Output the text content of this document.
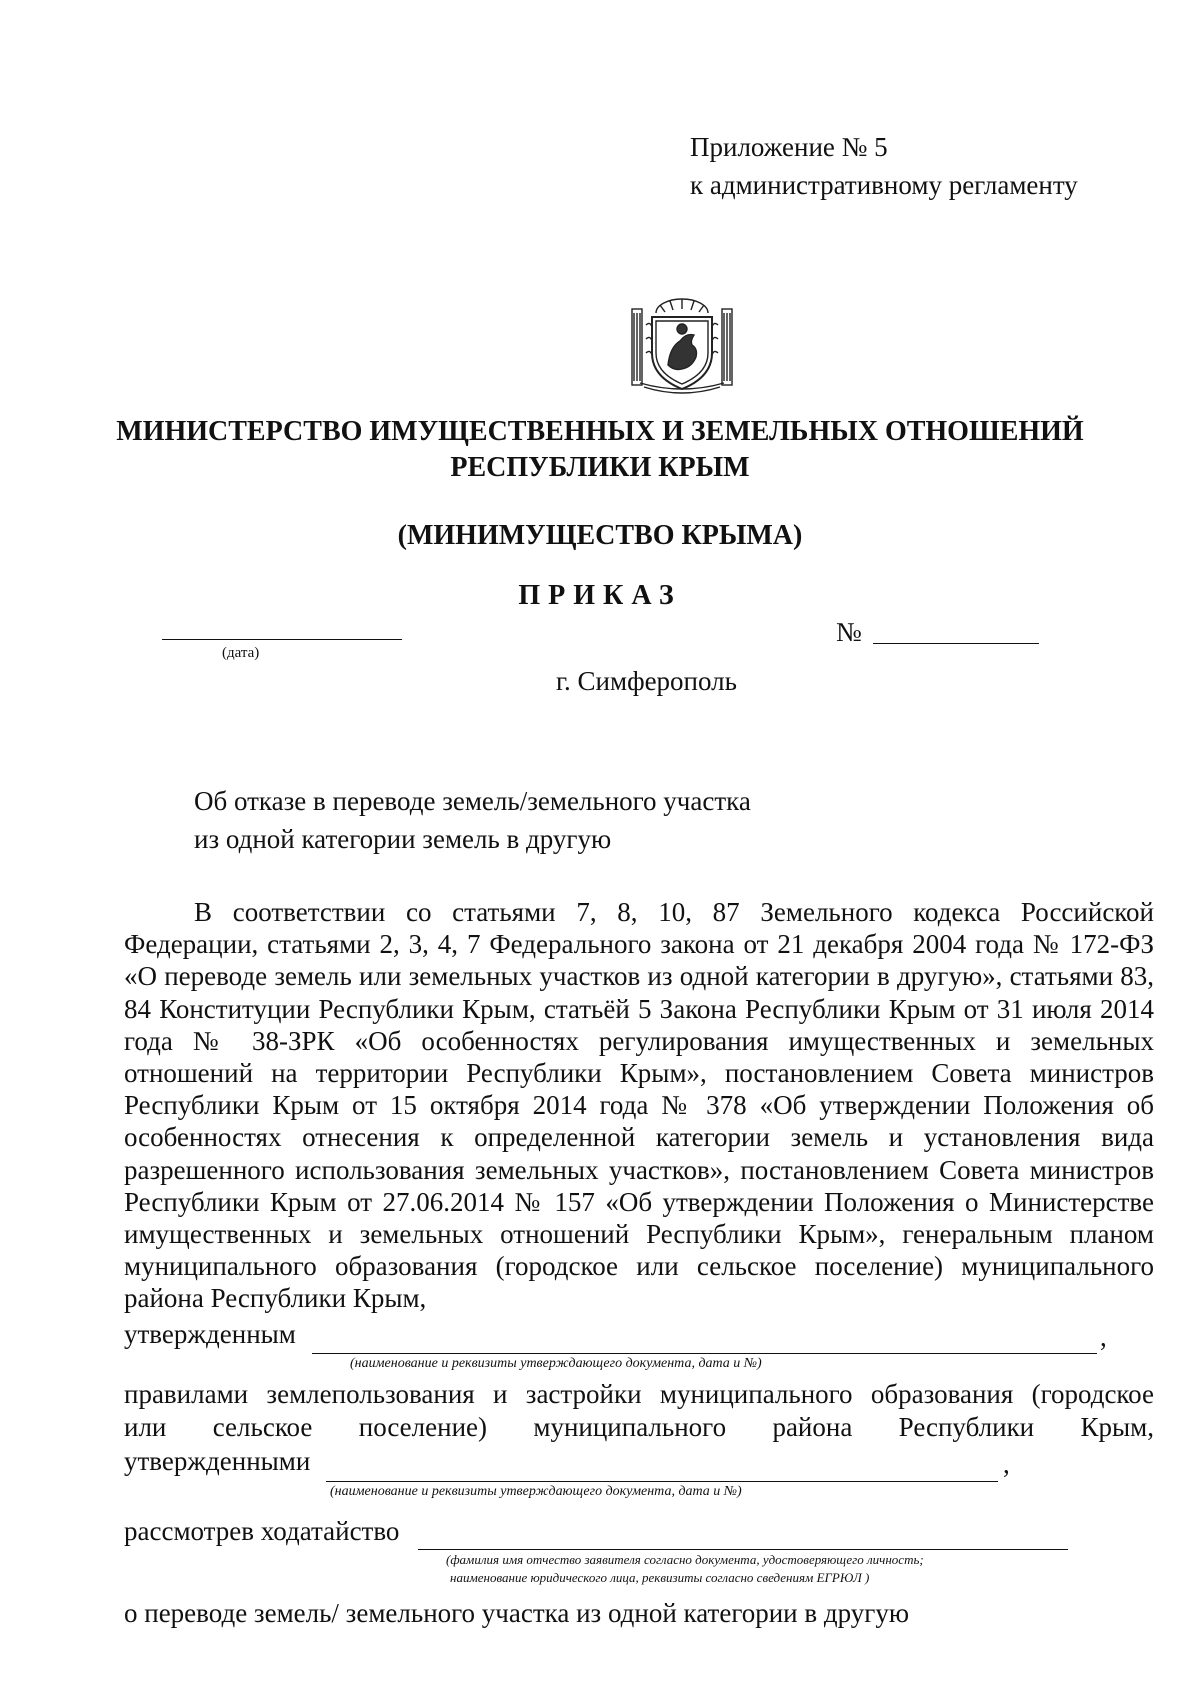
Приложение № 5
к административному регламенту
МИНИСТЕРСТВО ИМУЩЕСТВЕННЫХ И ЗЕМЕЛЬНЫХ ОТНОШЕНИЙ
РЕСПУБЛИКИ КРЫМ
(МИНИМУЩЕСТВО КРЫМА)
ПРИКАЗ
(дата)
№
г. Симферополь
Об отказе в переводе земель/земельного участка
из одной категории земель в другую

В соответствии со статьями 7, 8, 10, 87 Земельного кодекса Российской Федерации, статьями 2, 3, 4, 7 Федерального закона от 21 декабря 2004 года № 172-ФЗ «О переводе земель или земельных участков из одной категории в другую», статьями 83, 84 Конституции Республики Крым, статьёй 5 Закона Республики Крым от 31 июля 2014 года № 38-ЗРК «Об особенностях регулирования имущественных и земельных отношений на территории Республики Крым», постановлением Совета министров Республики Крым от 15 октября 2014 года № 378 «Об утверждении Положения об особенностях отнесения к определенной категории земель и установления вида разрешенного использования земельных участков», постановлением Совета министров Республики Крым от 27.06.2014 № 157 «Об утверждении Положения о Министерстве имущественных и земельных отношений Республики Крым», генеральным планом муниципального образования (городское или сельское поселение) муниципального района Республики Крым,

утвержденным	,
(наименование и реквизиты утверждающего документа, дата и №)
правилами землепользования и застройки муниципального образования (городское
или сельское поселение) муниципального района Республики Крым,
утвержденными	,
(наименование и реквизиты утверждающего документа, дата и №)
рассмотрев ходатайство
(фамилия имя отчество заявителя согласно документа, удостоверяющего личность;
наименование юридического лица, реквизиты согласно сведениям ЕГРЮЛ )
о переводе земель/ земельного участка из одной категории в другую
